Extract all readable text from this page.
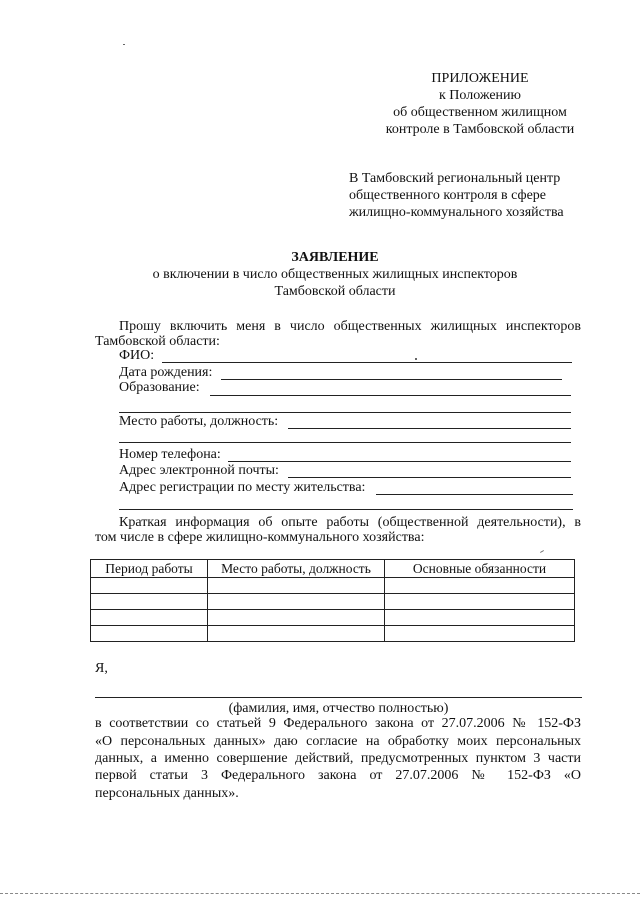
ПРИЛОЖЕНИЕ
к Положению
об общественном жилищном
контроле в Тамбовской области
В Тамбовский региональный центр
общественного контроля в сфере
жилищно-коммунального хозяйства
ЗАЯВЛЕНИЕ
о включении в число общественных жилищных инспекторов
Тамбовской области
Прошу включить меня в число общественных жилищных инспекторов
Тамбовской области:
ФИО:
Дата рождения:
Образование:
Место работы, должность:
Номер телефона:
Адрес электронной почты:
Адрес регистрации по месту жительства:
Краткая информация об опыте работы (общественной деятельности), в
том числе в сфере жилищно-коммунального хозяйства:
Период работы	Место работы, должность	Основные обязанности

Я,
(фамилия, имя, отчество полностью)
в соответствии со статьей 9 Федерального закона от 27.07.2006 № 152-ФЗ
«О персональных данных» даю согласие на обработку моих персональных
данных, а именно совершение действий, предусмотренных пунктом 3 части
первой статьи 3 Федерального закона от 27.07.2006 № 152-ФЗ «О
персональных данных».
